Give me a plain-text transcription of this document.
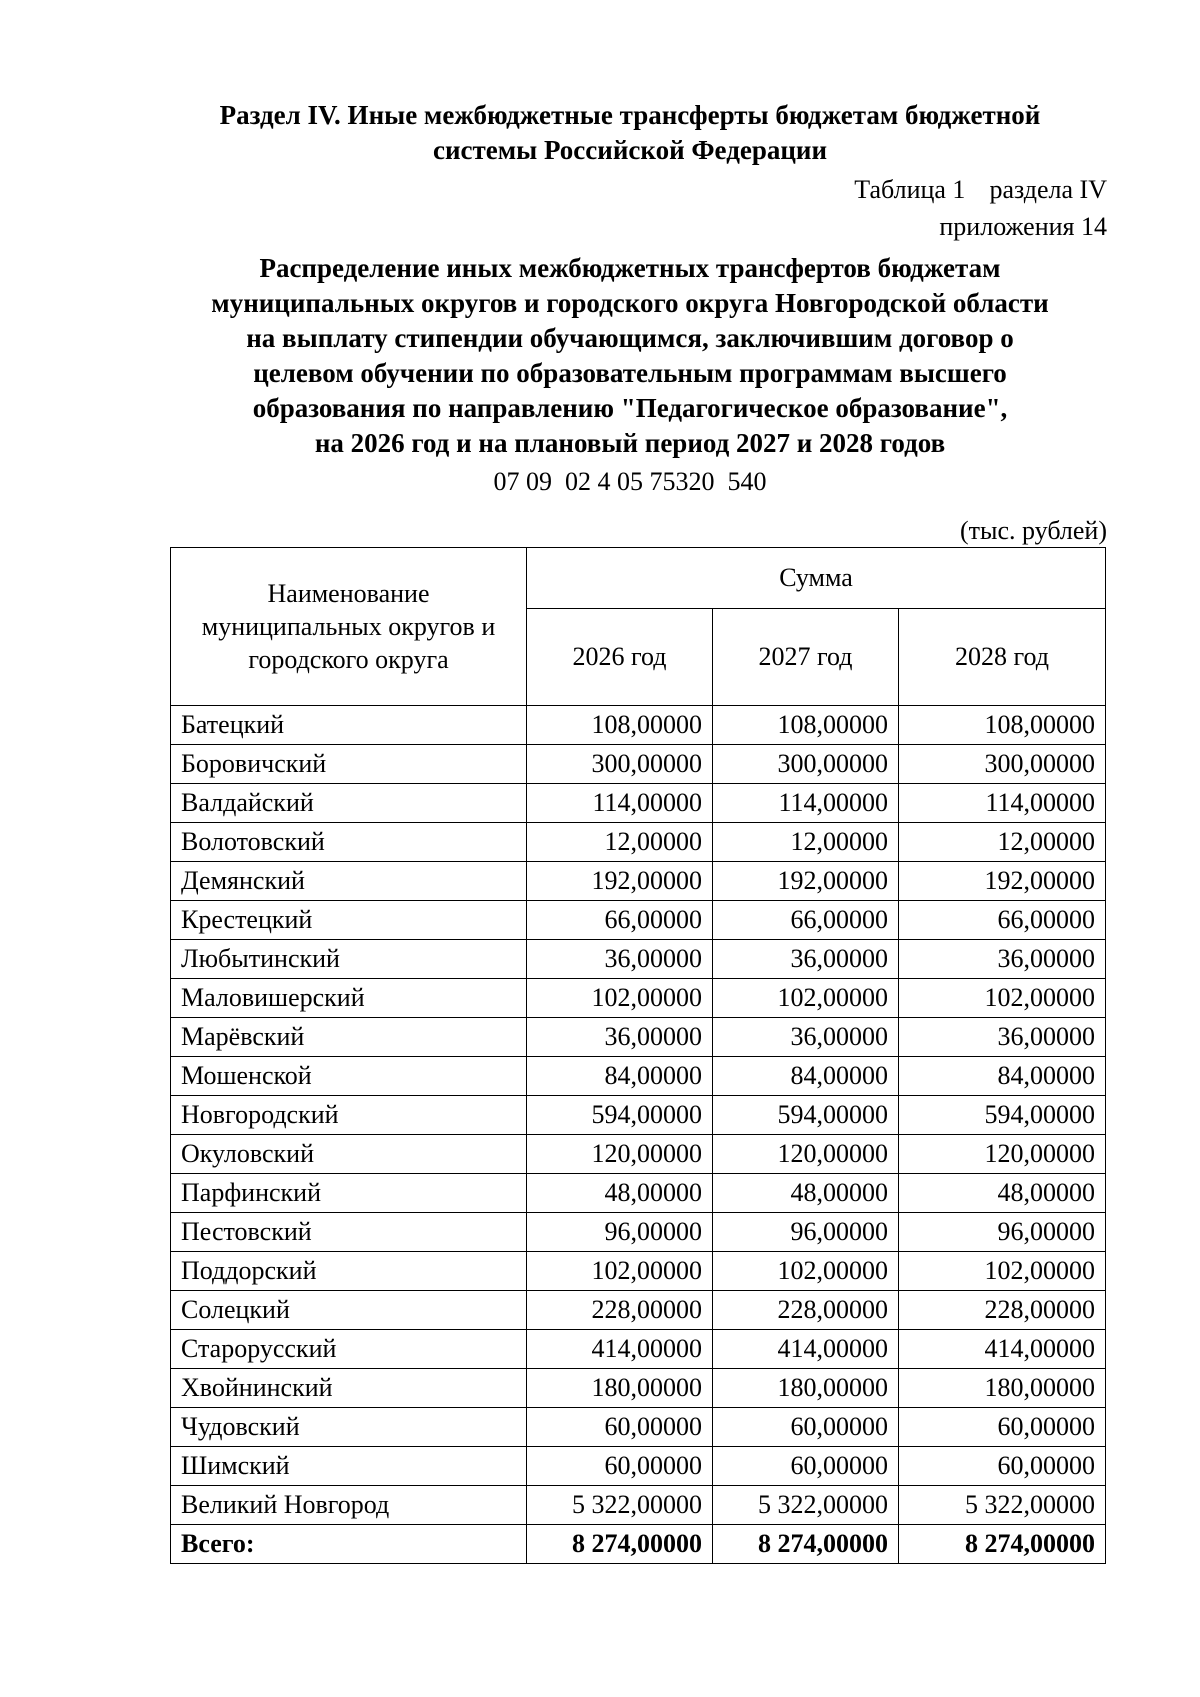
Раздел IV. Иные межбюджетные трансферты бюджетам бюджетной
системы Российской Федерации
Таблица 1 раздела IV
приложения 14
Распределение иных межбюджетных трансфертов бюджетам
муниципальных округов и городского округа Новгородской области
на выплату стипендии обучающимся, заключившим договор о
целевом обучении по образовательным программам высшего
образования по направлению "Педагогическое образование",
на 2026 год и на плановый период 2027 и 2028 годов
07 09  02 4 05 75320  540
(тыс. рублей)
Наименование муниципальных округов и городского округа	Сумма		
	2026 год	2027 год	2028 год
Батецкий	108,00000	108,00000	108,00000
Боровичский	300,00000	300,00000	300,00000
Валдайский	114,00000	114,00000	114,00000
Волотовский	12,00000	12,00000	12,00000
Демянский	192,00000	192,00000	192,00000
Крестецкий	66,00000	66,00000	66,00000
Любытинский	36,00000	36,00000	36,00000
Маловишерский	102,00000	102,00000	102,00000
Марёвский	36,00000	36,00000	36,00000
Мошенской	84,00000	84,00000	84,00000
Новгородский	594,00000	594,00000	594,00000
Окуловский	120,00000	120,00000	120,00000
Парфинский	48,00000	48,00000	48,00000
Пестовский	96,00000	96,00000	96,00000
Поддорский	102,00000	102,00000	102,00000
Солецкий	228,00000	228,00000	228,00000
Старорусский	414,00000	414,00000	414,00000
Хвойнинский	180,00000	180,00000	180,00000
Чудовский	60,00000	60,00000	60,00000
Шимский	60,00000	60,00000	60,00000
Великий Новгород	5 322,00000	5 322,00000	5 322,00000
Всего:	8 274,00000	8 274,00000	8 274,00000
